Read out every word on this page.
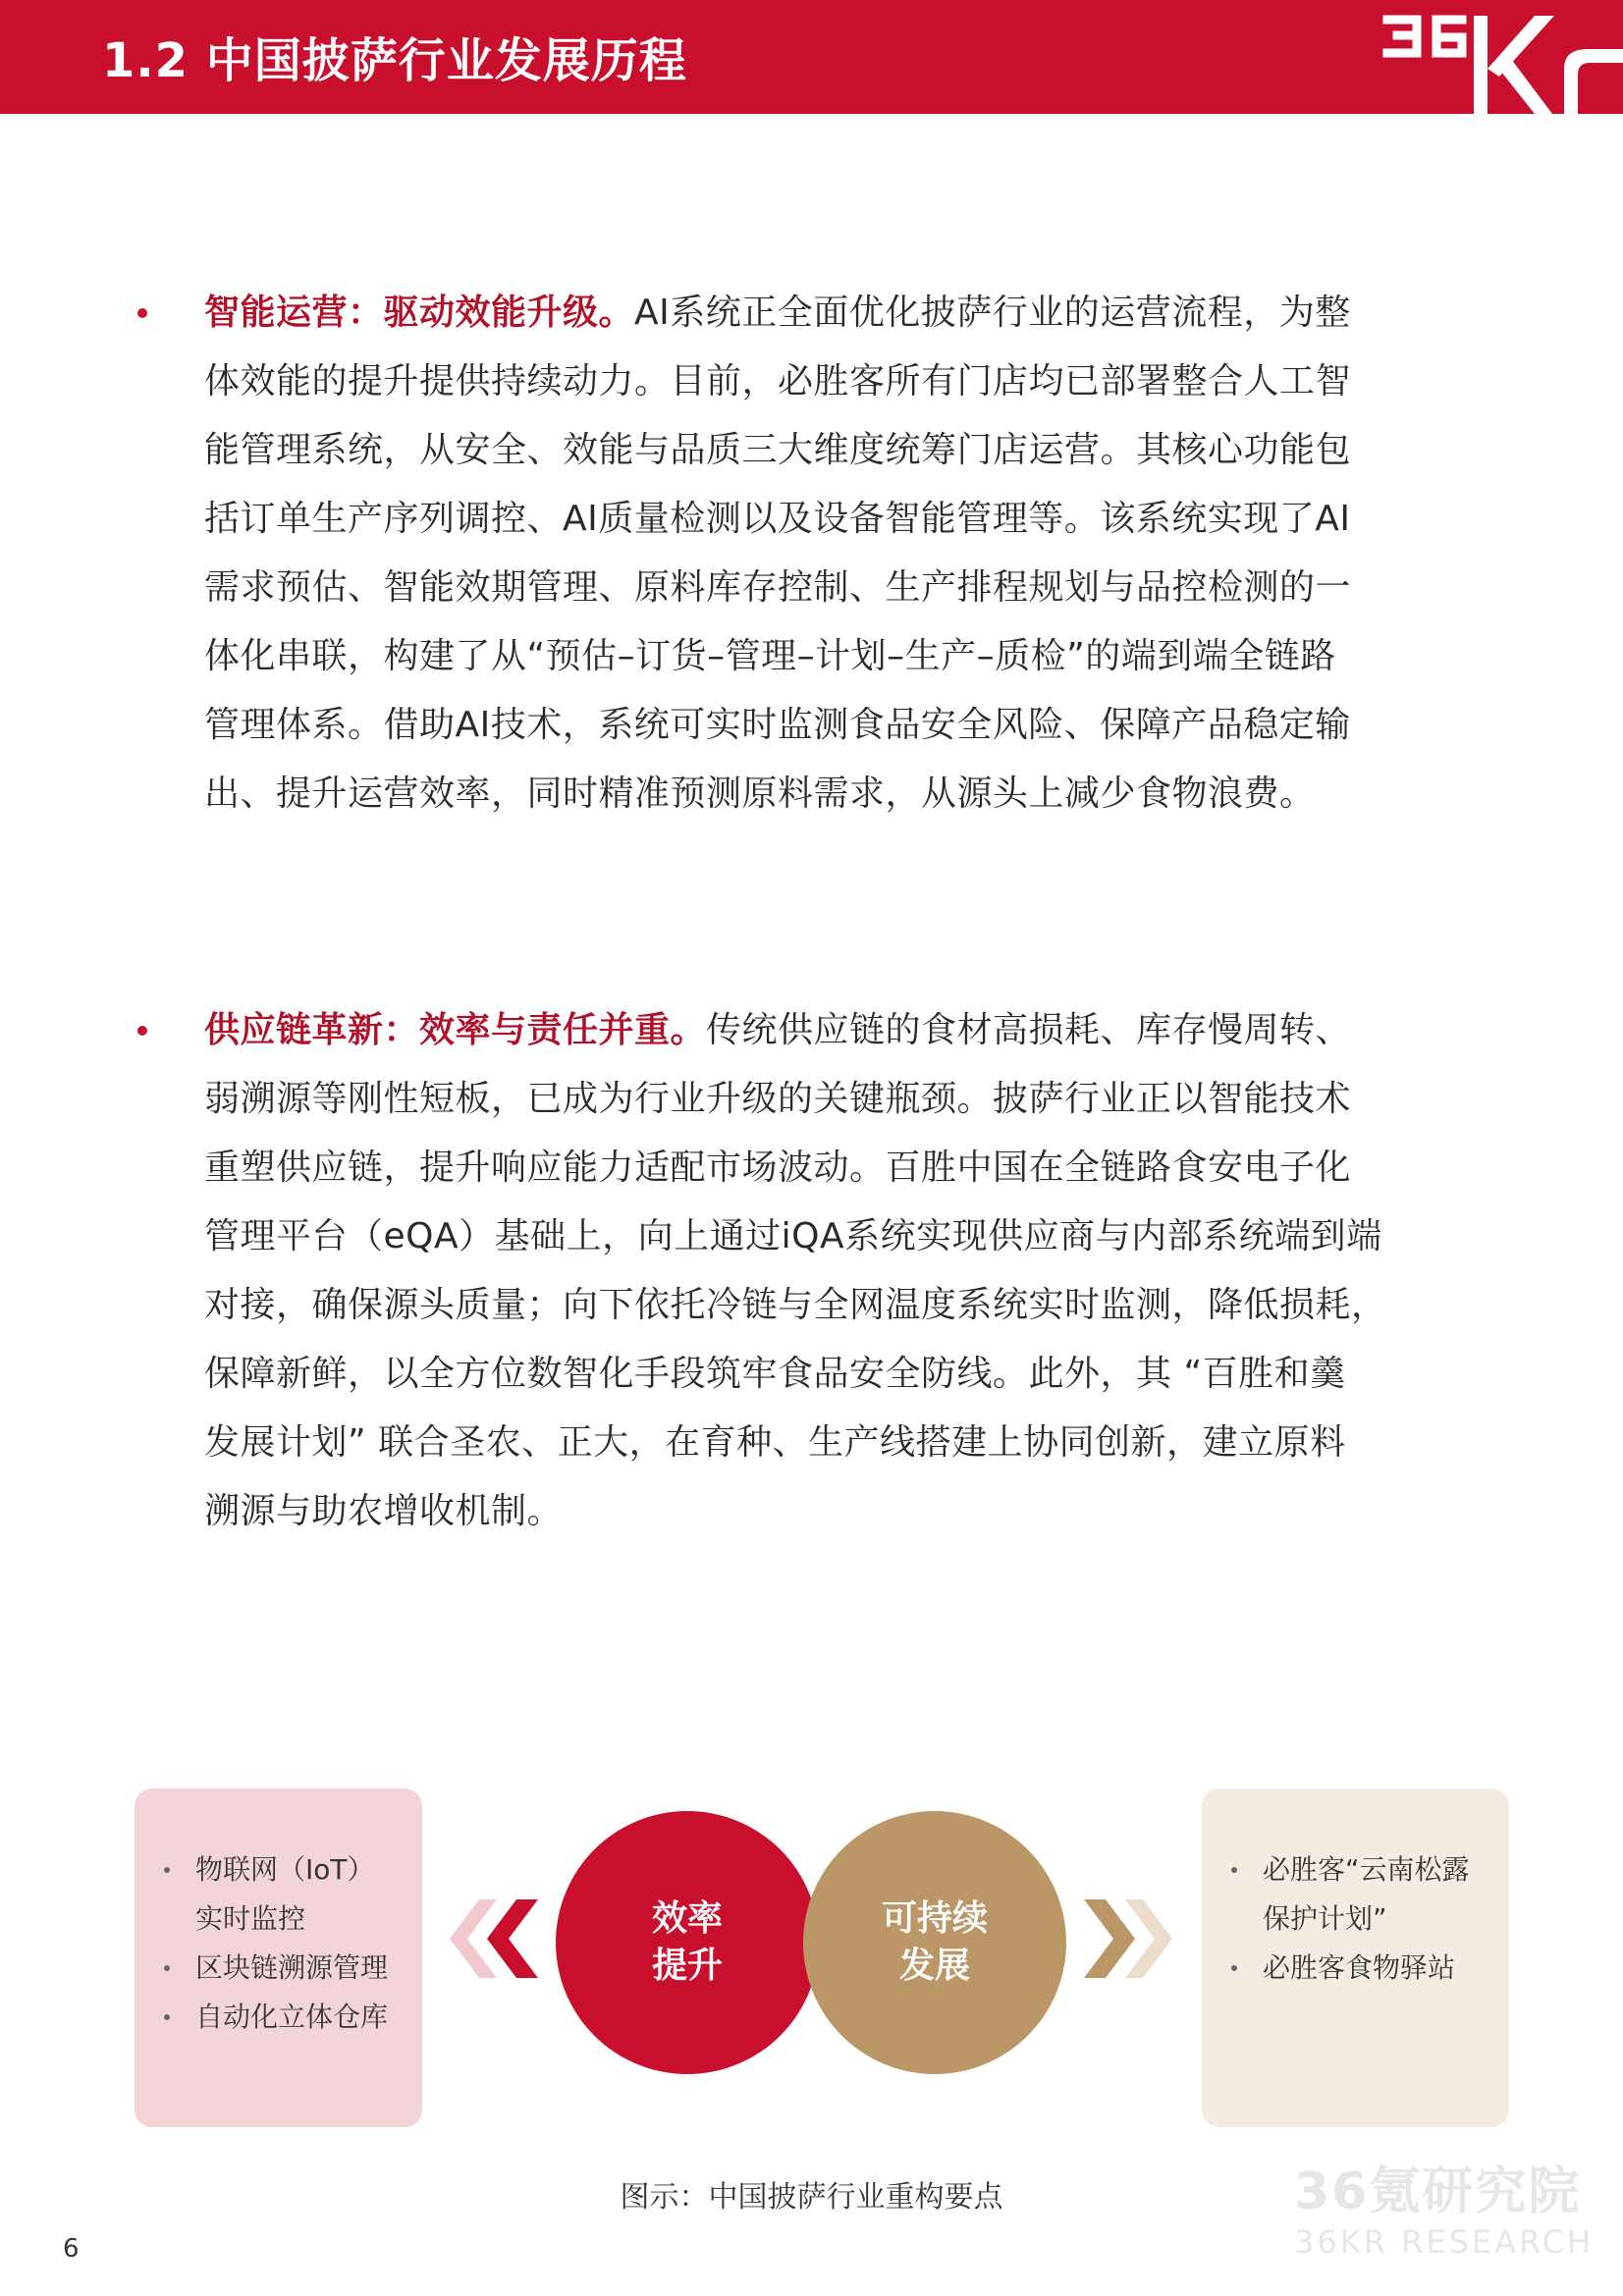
1.2 中国披萨行业发展历程
智能运营：驱动效能升级。AI系统正全面优化披萨行业的运营流程，为整
体效能的提升提供持续动力。目前，必胜客所有门店均已部署整合人工智
能管理系统，从安全、效能与品质三大维度统筹门店运营。其核心功能包
括订单生产序列调控、AI质量检测以及设备智能管理等。该系统实现了AI
需求预估、智能效期管理、原料库存控制、生产排程规划与品控检测的一
体化串联，构建了从“预估–订货–管理–计划–生产–质检”的端到端全链路
管理体系。借助AI技术，系统可实时监测食品安全风险、保障产品稳定输
出、提升运营效率，同时精准预测原料需求，从源头上减少食物浪费。
供应链革新：效率与责任并重。传统供应链的食材高损耗、库存慢周转、
弱溯源等刚性短板，已成为行业升级的关键瓶颈。披萨行业正以智能技术
重塑供应链，提升响应能力适配市场波动。百胜中国在全链路食安电子化
管理平台（eQA）基础上，向上通过iQA系统实现供应商与内部系统端到端
对接，确保源头质量；向下依托冷链与全网温度系统实时监测，降低损耗，
保障新鲜，以全方位数智化手段筑牢食品安全防线。此外，其 “百胜和羹
发展计划” 联合圣农、正大，在育种、生产线搭建上协同创新，建立原料
溯源与助农增收机制。
物联网（IoT）
实时监控
区块链溯源管理
自动化立体仓库
效率
提升
可持续
发展
必胜客“云南松露
保护计划”
必胜客食物驿站
图示：中国披萨行业重构要点	36氪研究院
36KR RESEARCH
6
